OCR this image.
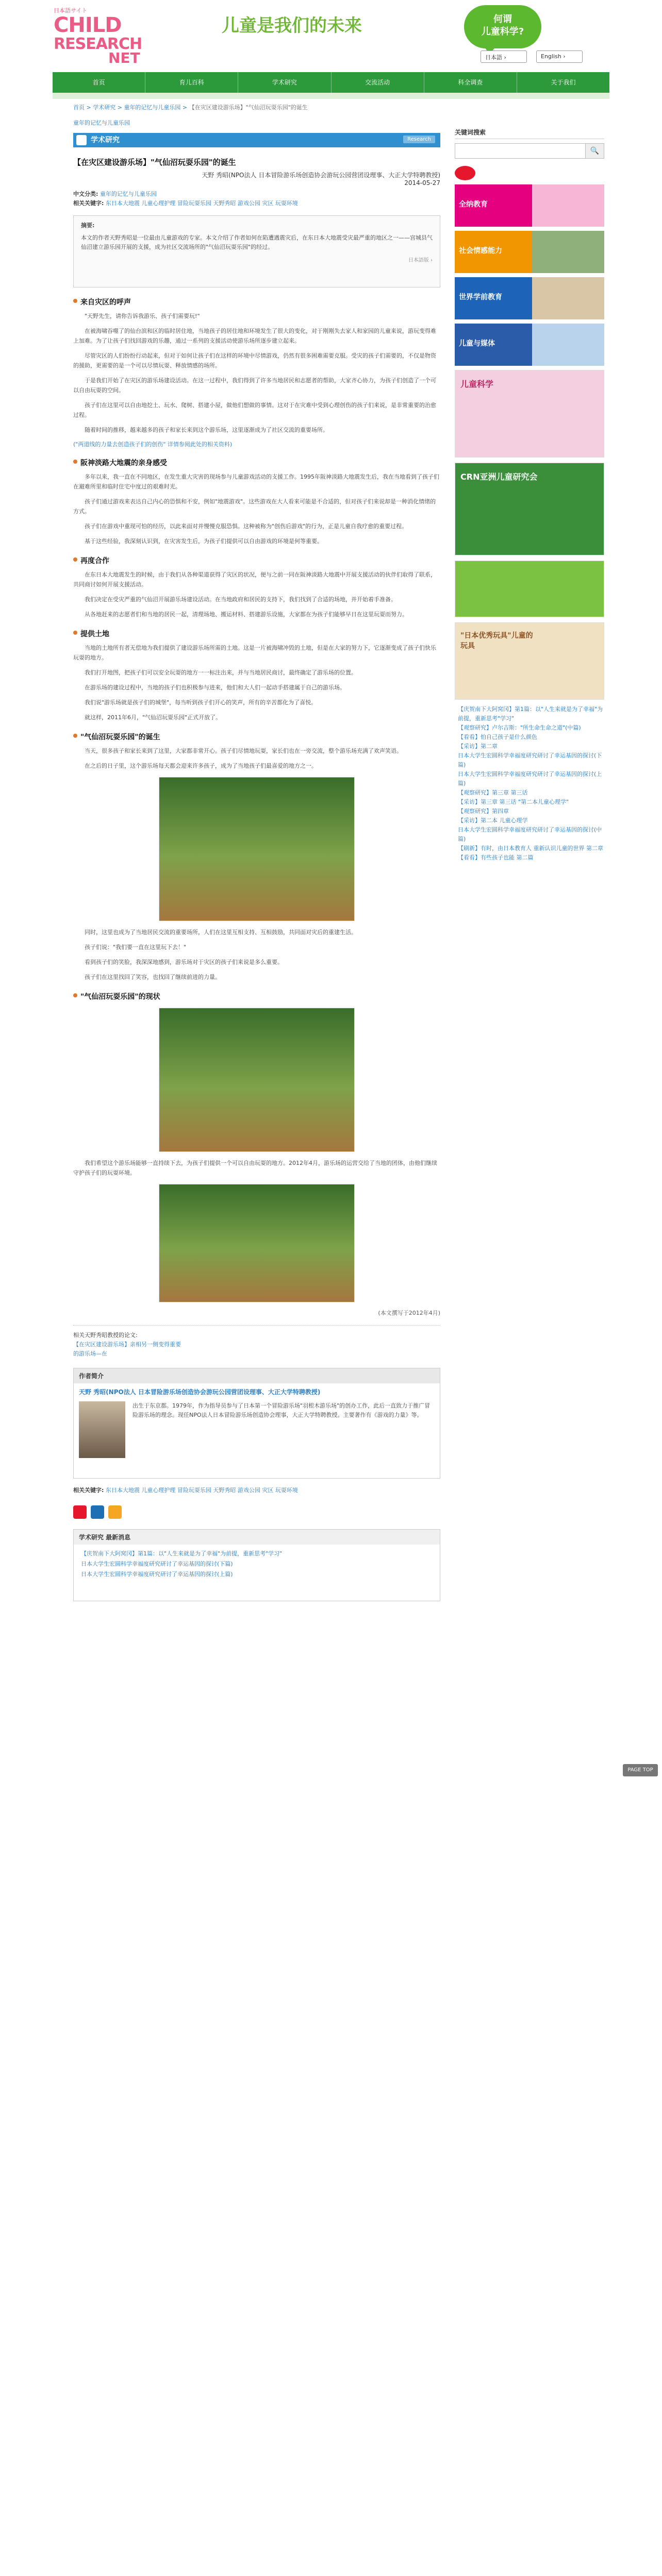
日本語サイト
CHILD
RESEARCH
NET
儿童是我们的未来	何谓
儿童科学?
日本語 ›	English ›
首页	育儿百科	学术研究	交流活动	科全调查	关于我们
首页 > 学术研究 > 童年的记忆与儿童乐园 > 【在灾区建设游乐场】"气仙沼玩耍乐园"的诞生
童年的记忆与儿童乐园
学术研究	Research
【在灾区建设游乐场】"气仙沼玩耍乐园"的诞生
天野 秀昭(NPO法人 日本冒险游乐场创造协会游玩公园营团设理事、大正大学特聘教授)
2014-05-27
中文分类: 童年的记忆与儿童乐园
相关关键字: 东日本大地震 儿童心理护理 冒险玩耍乐园 天野秀昭 游戏公园 灾区 玩耍环境
摘要:
本文的作者天野秀昭是一位最由儿童游戏的专家。本文介绍了作者如何在陷遭遇震灾后，在东日本大地震受灾最严重的地区之一——宫城县气仙沼建立游乐园开展的支援，成为社区交流场所的"气仙沼玩耍乐园"的经过。
日本語版 ›
来自灾区的呼声

"天野先生，请你告诉我游乐、孩子们需要玩!"

在被海啸吞噬了的仙台滨和区的临时居住地，当地孩子的居住地和环境发生了很大的变化，对于刚刚失去家人和家园的儿童来说，游玩变得难上加难。为了让孩子们找回游戏的乐趣，通过一系列的支援活动使游乐场所逐步建立起来。

尽管灾区的人们纷纷行动起来，但对于如何让孩子们在这样的环境中尽情游戏，仍然有很多困难需要克服。受灾的孩子们需要的，不仅是物资的援助，更需要的是一个可以尽情玩耍、释放情感的场所。

于是我们开始了在灾区的游乐场建设活动。在这一过程中，我们得到了许多当地居民和志愿者的帮助，大家齐心协力，为孩子们创造了一个可以自由玩耍的空间。

孩子们在这里可以自由地挖土、玩水、爬树、搭建小屋，做他们想做的事情。这对于在灾难中受到心理创伤的孩子们来说，是非常重要的治愈过程。

随着时间的推移，越来越多的孩子和家长来到这个游乐场，这里逐渐成为了社区交流的重要场所。

("两道线的力量去创造孩子们的创伤" 详情参阅此处的相关资料)

阪神淡路大地震的亲身感受

多年以来，我一直在不同地区，在发生重大灾害的现场参与儿童游戏活动的支援工作。1995年阪神淡路大地震发生后，我在当地看到了孩子们在避难所里和临时住宅中度过的艰难时光。

孩子们通过游戏来表达自己内心的恐惧和不安，例如"地震游戏"。这些游戏在大人看来可能是不合适的，但对孩子们来说却是一种消化情绪的方式。

孩子们在游戏中重现可怕的经历，以此来面对并慢慢克服恐惧。这种被称为"创伤后游戏"的行为，正是儿童自我疗愈的重要过程。

基于这些经验，我深刻认识到，在灾害发生后，为孩子们提供可以自由游戏的环境是何等重要。

再度合作

在东日本大地震发生的时候，由于我们从各种渠道获得了灾区的状况，便与之前一同在阪神淡路大地震中开展支援活动的伙伴们取得了联系，共同商讨如何开展支援活动。

我们决定在受灾严重的气仙沼开展游乐场建设活动。在当地政府和居民的支持下，我们找到了合适的场地，并开始着手准备。

从各地赶来的志愿者们和当地的居民一起，清理场地、搬运材料、搭建游乐设施，大家都在为孩子们能够早日在这里玩耍而努力。

提供土地

当地的土地所有者无偿地为我们提供了建设游乐场所需的土地。这是一片被海啸冲毁的土地，但是在大家的努力下，它逐渐变成了孩子们快乐玩耍的地方。

我们打开地图，把孩子们可以安全玩耍的地方一一标注出来，并与当地居民商讨，最终确定了游乐场的位置。

在游乐场的建设过程中，当地的孩子们也积极参与进来，他们和大人们一起动手搭建属于自己的游乐场。

我们说"游乐场就是孩子们的城堡"，每当听到孩子们开心的笑声，所有的辛苦都化为了喜悦。

就这样，2011年6月，"气仙沼玩耍乐园"正式开放了。

"气仙沼玩耍乐园"的诞生

当天，很多孩子和家长来到了这里，大家都非常开心。孩子们尽情地玩耍，家长们也在一旁交流，整个游乐场充满了欢声笑语。

在之后的日子里，这个游乐场每天都会迎来许多孩子，成为了当地孩子们最喜爱的地方之一。

同时，这里也成为了当地居民交流的重要场所，人们在这里互相支持、互相鼓励，共同面对灾后的重建生活。

孩子们说："我们要一直在这里玩下去！"

看到孩子们的笑脸，我深深地感到，游乐场对于灾区的孩子们来说是多么重要。

孩子们在这里找回了笑容，也找回了继续前进的力量。

"气仙沼玩耍乐园"的现状

我们希望这个游乐场能够一直持续下去，为孩子们提供一个可以自由玩耍的地方。2012年4月，游乐场的运营交给了当地的团体，由他们继续守护孩子们的玩耍环境。

(本文撰写于2012年4月)
相关天野秀昭教授的论文:
【在灾区建设游乐场】亲相另一侧变得重要
的游乐场—在
作者简介
天野 秀昭(NPO法人 日本冒险游乐场创造协会游玩公园营团设理事、大正大学特聘教授)
出生于东京都。1979年，作为指导员参与了日本第一个冒险游乐场"羽根木游乐场"的创办工作，此后一直致力于推广冒险游乐场的理念。现任NPO法人日本冒险游乐场创造协会理事，大正大学特聘教授。主要著作有《游戏的力量》等。
相关关键字: 东日本大地震 儿童心理护理 冒险玩耍乐园 天野秀昭 游戏公园 灾区 玩耍环境
学术研究 最新消息
【庆贺南下大阿窝冈】第1篇：以"人生来就是为了幸福"为前提，重新思考"学习"
日本大学生宏圆科学幸福度研究研讨了幸运基因的探讨(下篇)
日本大学生宏圆科学幸福度研究研讨了幸运基因的探讨(上篇)
关键词搜索
🔍
全纳教育
社会情感能力
世界学前教育
儿童与媒体
儿童科学
CRN亚洲儿童研究会
"日本优秀玩具"儿童的玩具
【庆贺南下大阿窝冈】第1篇：以"人生来就是为了幸福"为前提，重新思考"学习"
【观察研究】卢尔吉斯："所生命生命之道"(中篇)
【看看】怕自己孩子是什么颜色
【采访】第二章
日本大学生宏圆科学幸福度研究研讨了幸运基因的探讨(下篇)
日本大学生宏圆科学幸福度研究研讨了幸运基因的探讨(上篇)
【观察研究】第三章 第三话
【采访】第三章 第三话 "第二本儿童心理学"
【观察研究】第四章
【采访】第二本 儿童心理学
日本大学生宏圆科学幸福度研究研讨了幸运基因的探讨(中篇)
【刷新】有时，由日本教育人 重新认识儿童的世界 第二章
【看看】有些孩子也能 第二篇
PAGE TOP
